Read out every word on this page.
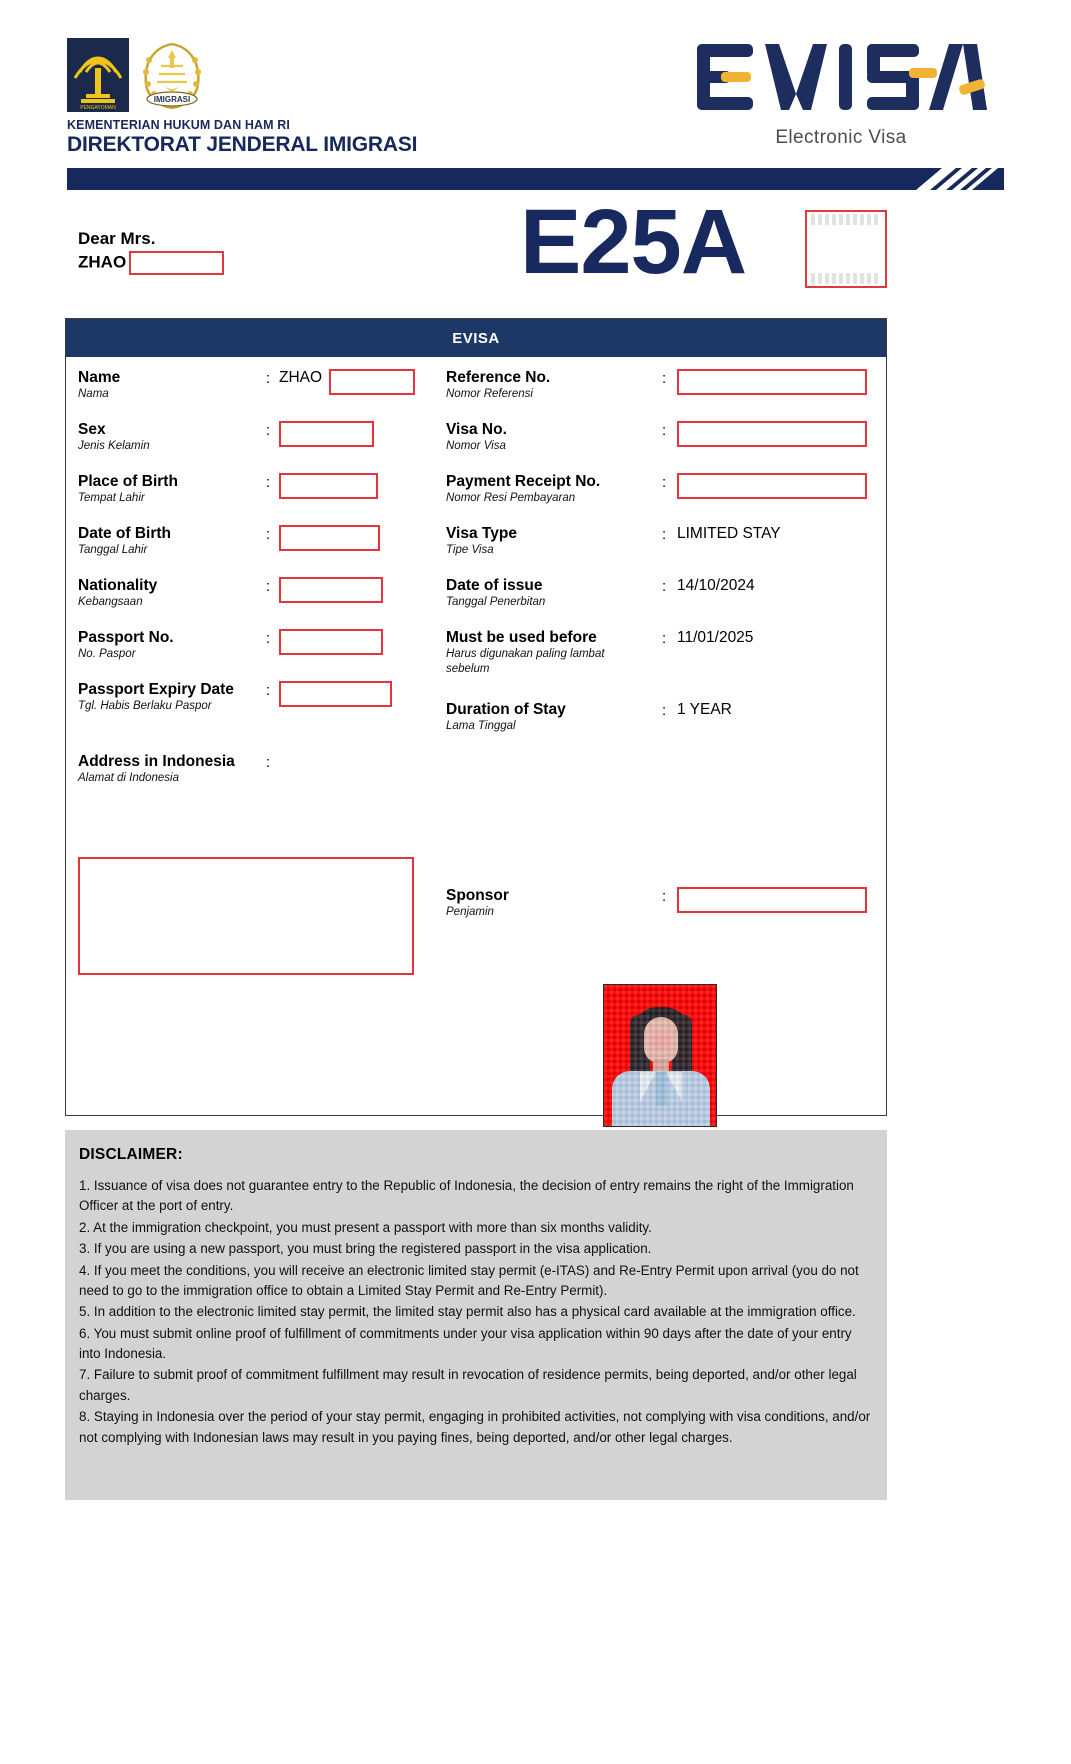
PENGAYOMAN
IMIGRASI
KEMENTERIAN HUKUM DAN HAM RI
DIREKTORAT JENDERAL IMIGRASI	Electronic Visa
Dear Mrs.
ZHAO	E25A
EVISA
Name
Nama
: ZHAO
Sex
Jenis Kelamin
:
Place of Birth
Tempat Lahir
:
Date of Birth
Tanggal Lahir
:
Nationality
Kebangsaan
:
Passport No.
No. Paspor
:
Passport Expiry Date
Tgl. Habis Berlaku Paspor
:
Address in Indonesia
Alamat di Indonesia
:
Reference No.
Nomor Referensi
:
Visa No.
Nomor Visa
:
Payment Receipt No.
Nomor Resi Pembayaran
:
Visa Type
Tipe Visa
: LIMITED STAY
Date of issue
Tanggal Penerbitan
: 14/10/2024
Must be used before
Harus digunakan paling lambat sebelum
: 11/01/2025
Duration of Stay
Lama Tinggal
: 1 YEAR
Sponsor
Penjamin
:
DISCLAIMER:

1. Issuance of visa does not guarantee entry to the Republic of Indonesia, the decision of entry remains the right of the Immigration Officer at the port of entry.

2. At the immigration checkpoint, you must present a passport with more than six months validity.

3. If you are using a new passport, you must bring the registered passport in the visa application.

4. If you meet the conditions, you will receive an electronic limited stay permit (e-ITAS) and Re-Entry Permit upon arrival (you do not need to go to the immigration office to obtain a Limited Stay Permit and Re-Entry Permit).

5. In addition to the electronic limited stay permit, the limited stay permit also has a physical card available at the immigration office.

6. You must submit online proof of fulfillment of commitments under your visa application within 90 days after the date of your entry into Indonesia.

7. Failure to submit proof of commitment fulfillment may result in revocation of residence permits, being deported, and/or other legal charges.

8. Staying in Indonesia over the period of your stay permit, engaging in prohibited activities, not complying with visa conditions, and/or not complying with Indonesian laws may result in you paying fines, being deported, and/or other legal charges.
